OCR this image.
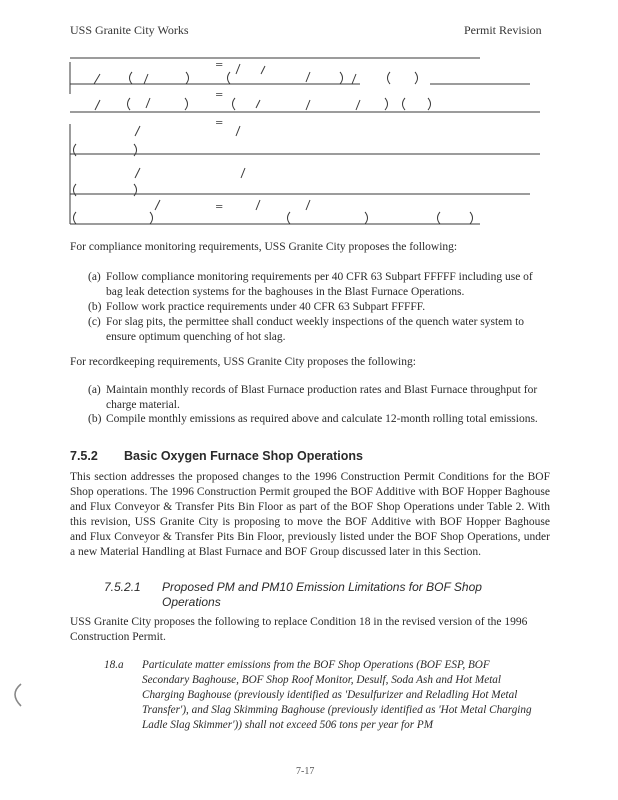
USS Granite City Works	Permit Revision
=
=
=
=
For compliance monitoring requirements, USS Granite City proposes the following:
(a) Follow compliance monitoring requirements per 40 CFR 63 Subpart FFFFF including use of bag leak detection systems for the baghouses in the Blast Furnace Operations.
(b) Follow work practice requirements under 40 CFR 63 Subpart FFFFF.
(c) For slag pits, the permittee shall conduct weekly inspections of the quench water system to ensure optimum quenching of hot slag.
For recordkeeping requirements, USS Granite City proposes the following:
(a) Maintain monthly records of Blast Furnace production rates and Blast Furnace throughput for charge material.
(b) Compile monthly emissions as required above and calculate 12-month rolling total emissions.
7.5.2 Basic Oxygen Furnace Shop Operations
This section addresses the proposed changes to the 1996 Construction Permit Conditions for the BOF Shop operations. The 1996 Construction Permit grouped the BOF Additive with BOF Hopper Baghouse and Flux Conveyor & Transfer Pits Bin Floor as part of the BOF Shop Operations under Table 2. With this revision, USS Granite City is proposing to move the BOF Additive with BOF Hopper Baghouse and Flux Conveyor & Transfer Pits Bin Floor, previously listed under the BOF Shop Operations, under a new Material Handling at Blast Furnace and BOF Group discussed later in this Section.
7.5.2.1	Proposed PM and PM10 Emission Limitations for BOF Shop Operations
USS Granite City proposes the following to replace Condition 18 in the revised version of the 1996 Construction Permit.
18.a	Particulate matter emissions from the BOF Shop Operations (BOF ESP, BOF Secondary Baghouse, BOF Shop Roof Monitor, Desulf, Soda Ash and Hot Metal Charging Baghouse (previously identified as 'Desulfurizer and Reladling Hot Metal Transfer'), and Slag Skimming Baghouse (previously identified as 'Hot Metal Charging Ladle Slag Skimmer')) shall not exceed 506 tons per year for PM
7-17
